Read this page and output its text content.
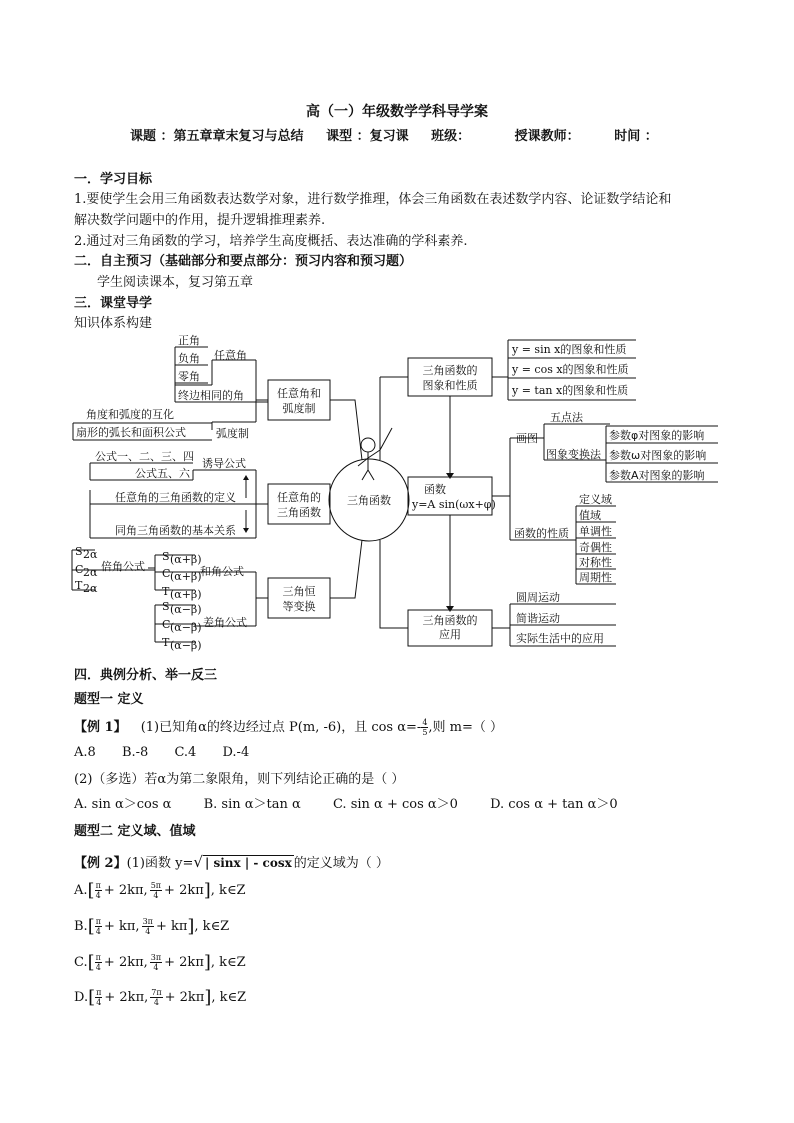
高（一）年级数学学科导学案
课题 ：第五章章末复习与总结 课型 ：复习课 班级：	授课教师：	时间 ：
一．学习目标
1.要使学生会用三角函数表达数学对象，进行数学推理，体会三角函数在表述数学内容、论证数学结论和
解决数学问题中的作用，提升逻辑推理素养.
2.通过对三角函数的学习，培养学生高度概括、表达准确的学科素养.
二．自主预习（基础部分和要点部分：预习内容和预习题）
学生阅读课本，复习第五章
三．课堂导学
知识体系构建
三角函数
任意角和
弧度制
任意角
正角
负角
零角
终边相同的角
弧度制
角度和弧度的互化
扇形的弧长和面积公式
任意角的
三角函数
公式一、二、三、四
公式五、六
诱导公式
任意角的三角函数的定义
同角三角函数的基本关系
三角恒
等变换
倍角公式
S
C
T
2α
2α
2α
和角公式
S
C
T
(α+β)
(α+β)
(α+β)
差角公式
S
C
T
(α−β)
(α−β)
(α−β)
三角函数的
图象和性质
y = sin x的图象和性质
y = cos x的图象和性质
y = tan x的图象和性质
函数
y=A sin(ωx+φ)
画图
五点法
图象变换法
参数φ对图象的影响
参数ω对图象的影响
参数A对图象的影响
函数的性质
定义域
值域
单调性
奇偶性
对称性
周期性
三角函数的
应用
圆周运动
简谐运动
实际生活中的应用
四．典例分析、举一反三
题型一 定义
【例 1】 (1)已知角α的终边经过点 P(m, -6)，且 $\cos \alpha=- \frac{4}{5}$ ,则 m=（ ）
A.8 B.-8 C.4 D.-4
(2)（多选）若α为第二象限角，则下列结论正确的是（ ）
A. sin α＞cos α B. sin α＞tan α C. sin α + cos α＞0 D. cos α + tan α＞0
题型二 定义域、值域
【例 2】(1)函数 y=√ | sinx | - cosx 的定义域为（ ）
$A.[ \frac{\pi}{4} + 2k\pi$, $\frac{5\pi}{4} + 2k\pi$], k∈Z
$B.[ \frac{\pi}{4} + k\pi$, $\frac{3\pi}{4} + k\pi$], k∈Z
$C.[ \frac{\pi}{4} + 2k\pi$, $\frac{3\pi}{4} + 2k\pi$], k∈Z
$D.[ \frac{\pi}{4} + 2k\pi$, $\frac{7\pi}{4} + 2k\pi$], k∈Z
